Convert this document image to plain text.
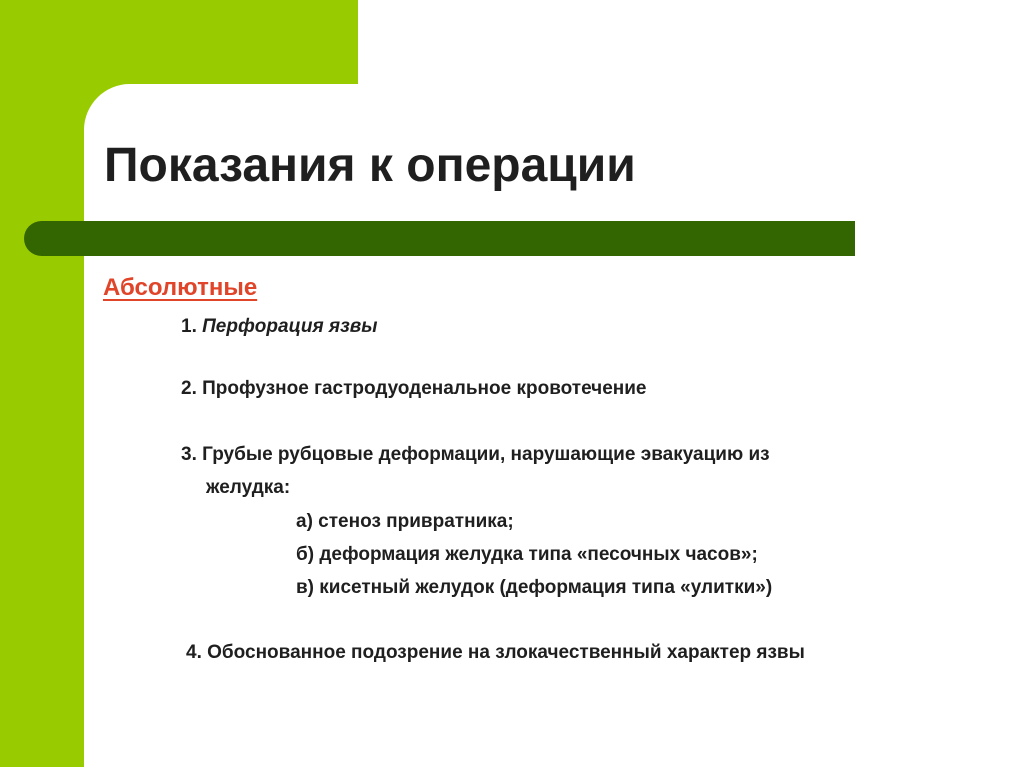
Показания к операции
Абсолютные
1. Перфорация язвы
2. Профузное гастродуоденальное кровотечение
3. Грубые рубцовые деформации, нарушающие эвакуацию из
желудка:
а) стеноз привратника;
б) деформация желудка типа «песочных часов»;
в) кисетный желудок (деформация типа «улитки»)
4. Обоснованное подозрение на злокачественный характер язвы
